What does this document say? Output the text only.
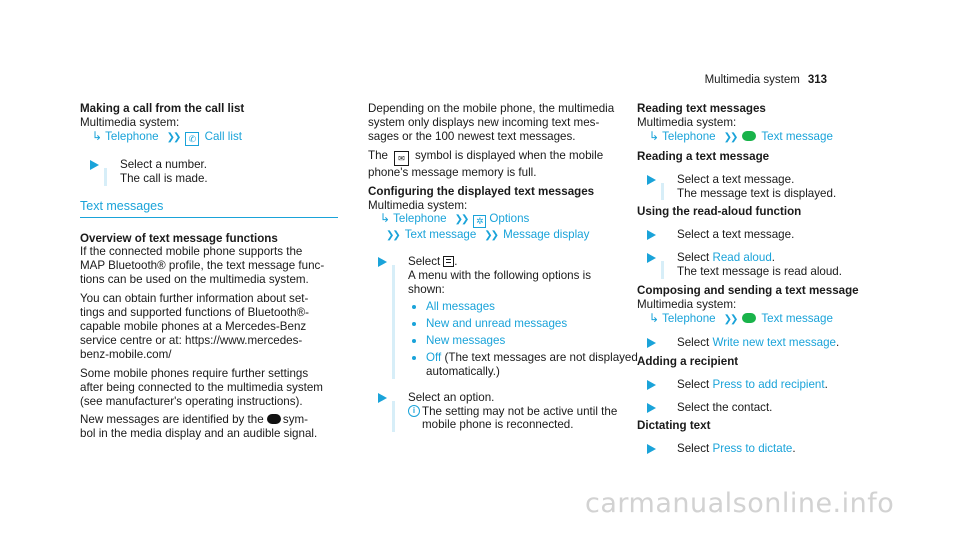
Multimedia system 313
Making a call from the call list
Multimedia system:
↳ Telephone ❯❯ ✆ Call list
Select a number.
The call is made.
Text messages
Overview of text message functions
If the connected mobile phone supports the
MAP Bluetooth® profile, the text message func-
tions can be used on the multimedia system.
You can obtain further information about set-
tings and supported functions of Bluetooth®-
capable mobile phones at a Mercedes-Benz
service centre or at: https://www.mercedes-
benz-mobile.com/
Some mobile phones require further settings
after being connected to the multimedia system
(see manufacturer's operating instructions).
New messages are identified by the sym-
bol in the media display and an audible signal.
Depending on the mobile phone, the multimedia
system only displays new incoming text mes-
sages or the 100 newest text messages.
The ✉ symbol is displayed when the mobile
phone's message memory is full.
Configuring the displayed text messages
Multimedia system:
↳ Telephone ❯❯ ✲ Options
❯❯ Text message ❯❯ Message display
Select .
A menu with the following options is shown:
All messages
New and unread messages
New messages
Off (The text messages are not displayed
automatically.)
Select an option.
i The setting may not be active until the
mobile phone is reconnected.
Reading text messages
Multimedia system:
↳ Telephone ❯❯ Text message
Reading a text message
Select a text message.
The message text is displayed.
Using the read-aloud function
Select a text message.
Select Read aloud.
The text message is read aloud.
Composing and sending a text message
Multimedia system:
↳ Telephone ❯❯ Text message
Select Write new text message.
Adding a recipient
Select Press to add recipient.
Select the contact.
Dictating text
Select Press to dictate.
carmanualsonline.info
